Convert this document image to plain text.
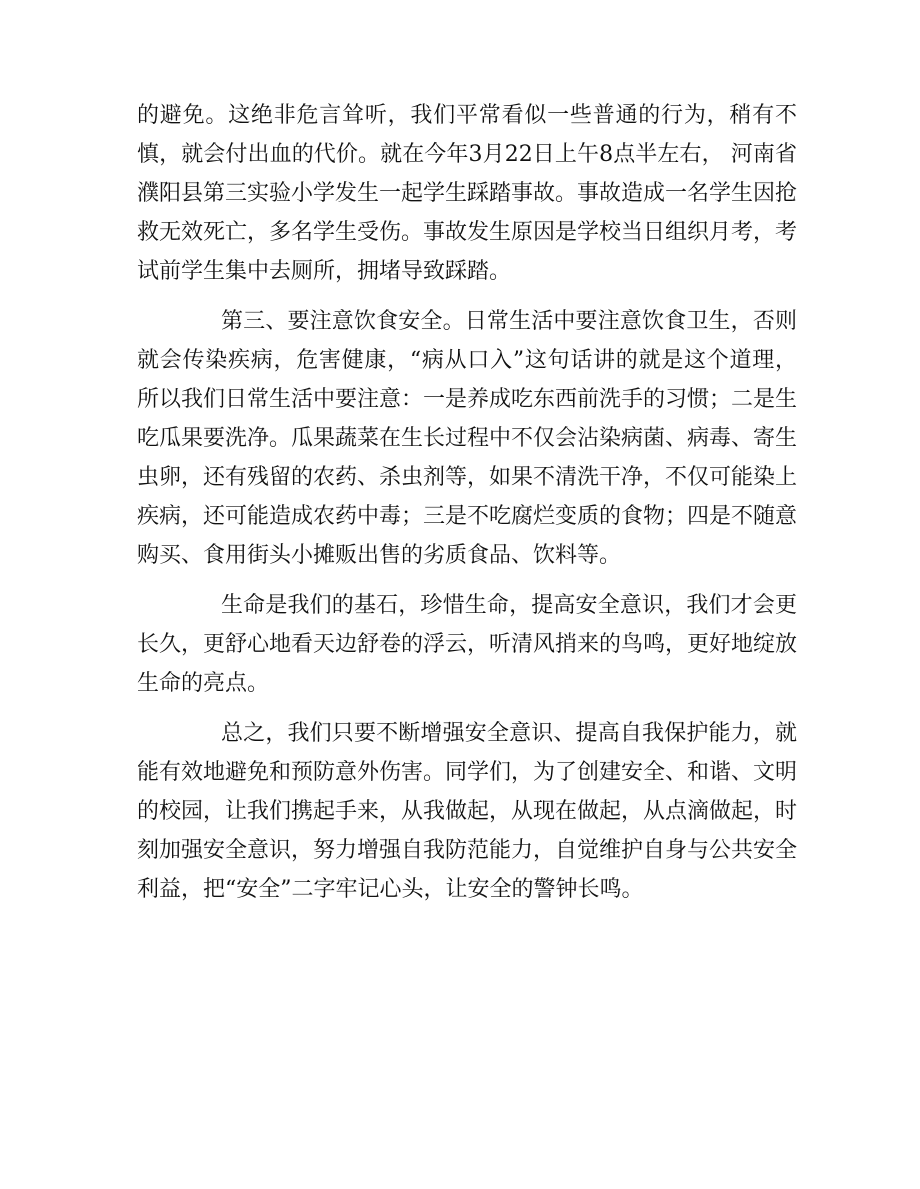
的避免。这绝非危言耸听，我们平常看似一些普通的行为，稍有不慎，就会付出血的代价。就在今年3月22日上午8点半左右， 河南省濮阳县第三实验小学发生一起学生踩踏事故。事故造成一名学生因抢救无效死亡，多名学生受伤。事故发生原因是学校当日组织月考，考试前学生集中去厕所，拥堵导致踩踏。

第三、要注意饮食安全。日常生活中要注意饮食卫生，否则就会传染疾病，危害健康，“病从口入”这句话讲的就是这个道理，所以我们日常生活中要注意：一是养成吃东西前洗手的习惯；二是生吃瓜果要洗净。瓜果蔬菜在生长过程中不仅会沾染病菌、病毒、寄生虫卵，还有残留的农药、杀虫剂等，如果不清洗干净，不仅可能染上疾病，还可能造成农药中毒；三是不吃腐烂变质的食物；四是不随意购买、食用街头小摊贩出售的劣质食品、饮料等。

生命是我们的基石，珍惜生命，提高安全意识，我们才会更长久，更舒心地看天边舒卷的浮云，听清风捎来的鸟鸣，更好地绽放生命的亮点。

总之，我们只要不断增强安全意识、提高自我保护能力，就能有效地避免和预防意外伤害。同学们，为了创建安全、和谐、文明的校园，让我们携起手来，从我做起，从现在做起，从点滴做起，时刻加强安全意识，努力增强自我防范能力，自觉维护自身与公共安全利益，把“安全”二字牢记心头，让安全的警钟长鸣。
